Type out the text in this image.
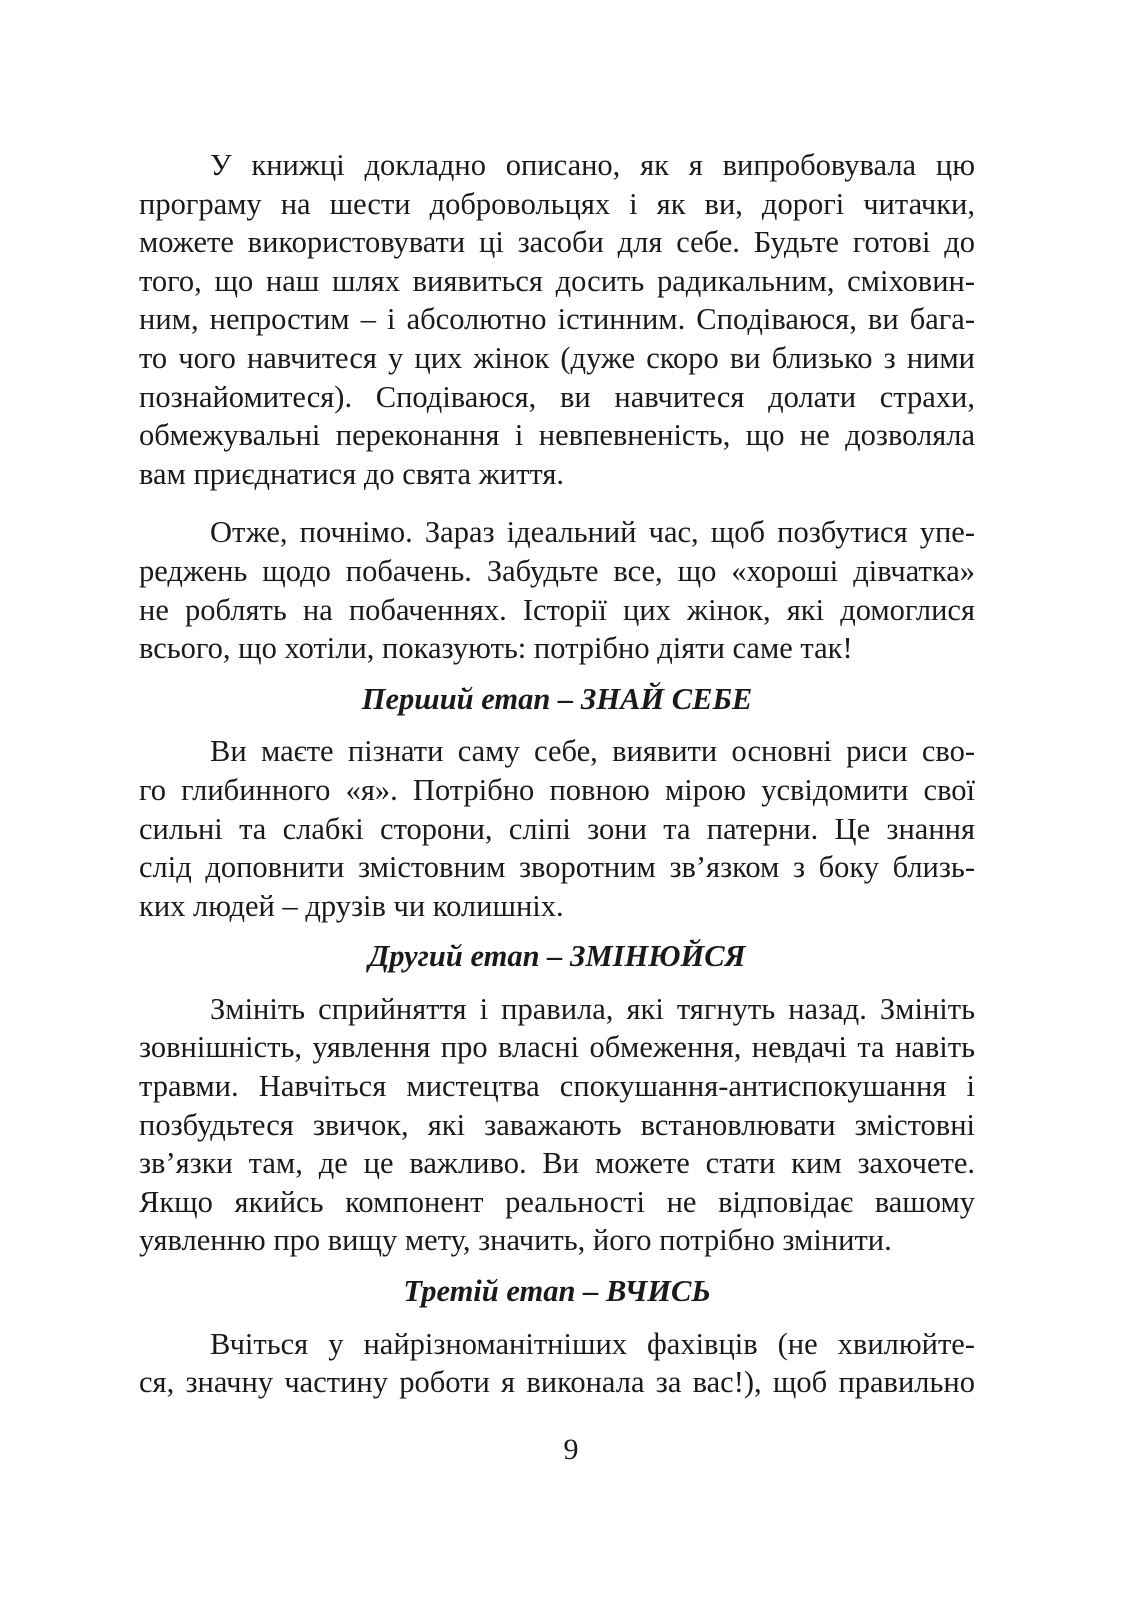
У книжці докладно описано, як я випробовувала цю
програму на шести добровольцях і як ви, дорогі читачки,
можете використовувати ці засоби для себе. Будьте готові до
того, що наш шлях виявиться досить радикальним, сміховин-
ним, непростим – і абсолютно істинним. Сподіваюся, ви бага-
то чого навчитеся у цих жінок (дуже скоро ви близько з ними
познайомитеся). Сподіваюся, ви навчитеся долати страхи,
обмежувальні переконання і невпевненість, що не дозволяла
вам приєднатися до свята життя.
Отже, почнімо. Зараз ідеальний час, щоб позбутися упе-
реджень щодо побачень. Забудьте все, що «хороші дівчатка»
не роблять на побаченнях. Історії цих жінок, які домоглися
всього, що хотіли, показують: потрібно діяти саме так!
Перший етап – ЗНАЙ СЕБЕ
Ви маєте пізнати саму себе, виявити основні риси сво-
го глибинного «я». Потрібно повною мірою усвідомити свої
сильні та слабкі сторони, сліпі зони та патерни. Це знання
слід доповнити змістовним зворотним зв’язком з боку близь-
ких людей – друзів чи колишніх.
Другий етап – ЗМІНЮЙСЯ
Змініть сприйняття і правила, які тягнуть назад. Змініть
зовнішність, уявлення про власні обмеження, невдачі та навіть
травми. Навчіться мистецтва спокушання-антиспокушання і
позбудьтеся звичок, які заважають встановлювати змістовні
зв’язки там, де це важливо. Ви можете стати ким захочете.
Якщо якийсь компонент реальності не відповідає вашому
уявленню про вищу мету, значить, його потрібно змінити.
Третій етап – ВЧИСЬ
Вчіться у найрізноманітніших фахівців (не хвилюйте-
ся, значну частину роботи я виконала за вас!), щоб правильно
9
